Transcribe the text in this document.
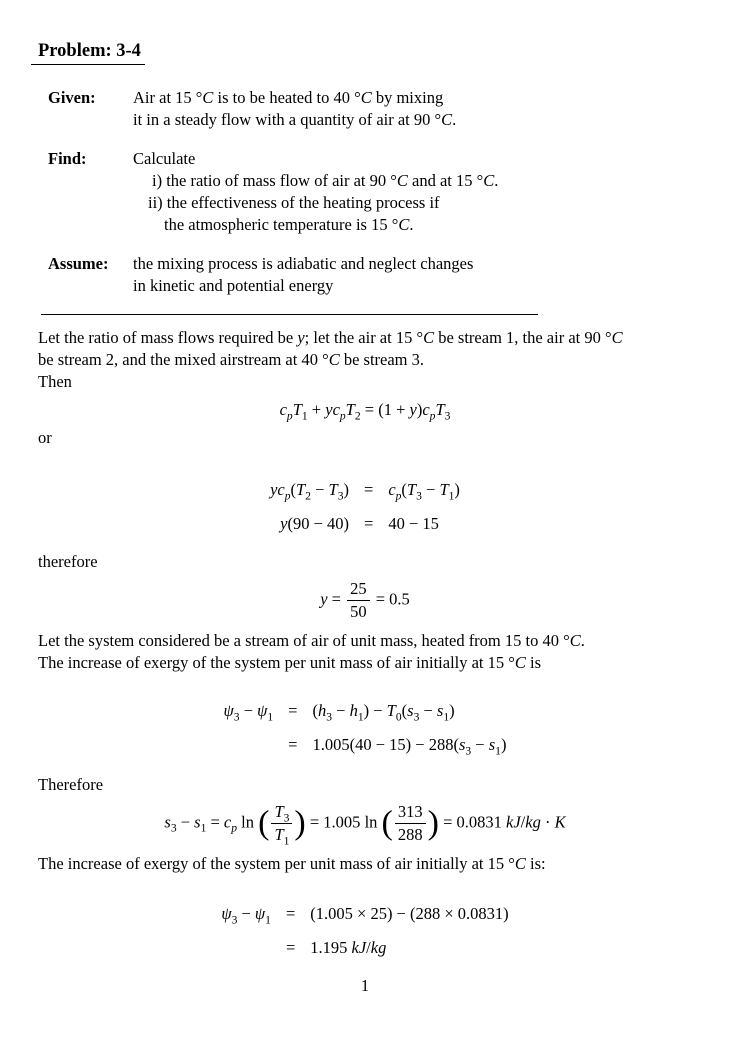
Problem: 3-4
Given:	Air at 15 °C is to be heated to 40 °C by mixing
it in a steady flow with a quantity of air at 90 °C.
Find:	Calculate
i) the ratio of mass flow of air at 90 °C and at 15 °C.
ii) the effectiveness of the heating process if
the atmospheric temperature is 15 °C.
Assume:	the mixing process is adiabatic and neglect changes
in kinetic and potential energy
Let the ratio of mass flows required be y; let the air at 15 °C be stream 1, the air at 90 °C
be stream 2, and the mixed airstream at 40 °C be stream 3.
Then
$c_pT_1 + yc_pT_2 = (1 + y)c_pT_3$
or
$yc_p(T_2 - T_3) = c_p(T_3 - T_1)$
y(90 − 40) = 40 − 15
therefore
$y = \frac{25}{50} = 0.5$
Let the system considered be a stream of air of unit mass, heated from 15 to 40 °C.
The increase of exergy of the system per unit mass of air initially at 15 °C is
$\psi_3 - \psi_1 = (h_3 - h_1) - T_0(s_3 - s_1)$
= $1.005(40 - 15) - 288(s_3 - s_1)$
Therefore
$s_3 - s_1 = c_p$ ln ( $\frac{T_3}{T_1}$ ) = 1.005 ln ( $\frac{313}{288}$ ) = 0.0831 kJ/kg · K
The increase of exergy of the system per unit mass of air initially at 15 °C is:
$\psi_3 - \psi_1 = (1.005 \times 25) - (288 \times 0.0831)$
= 1.195 kJ/kg
1
